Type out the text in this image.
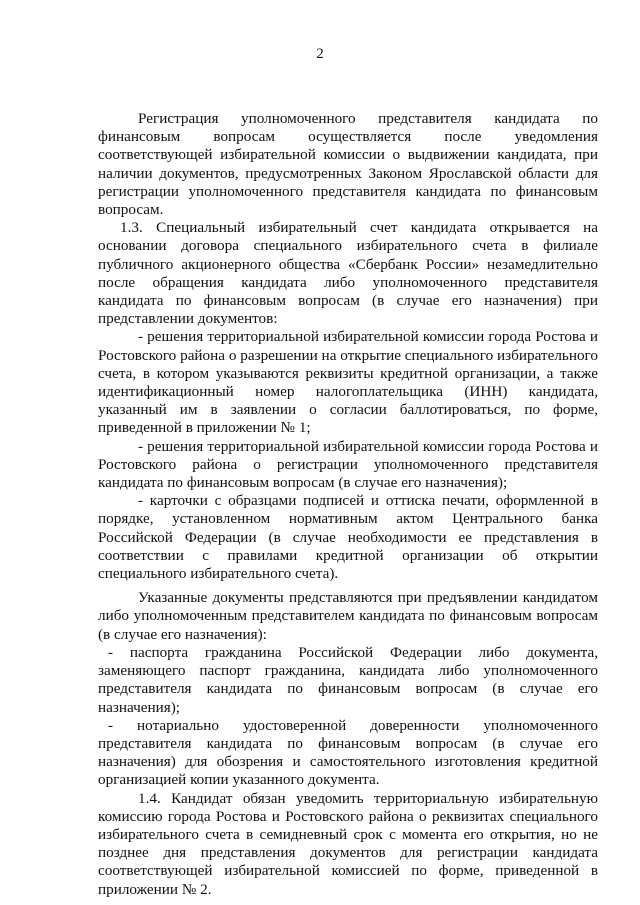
2

Регистрация уполномоченного представителя кандидата по финансовым вопросам осуществляется после уведомления соответствующей избирательной комиссии о выдвижении кандидата, при наличии документов, предусмотренных Законом Ярославской области для регистрации уполномоченного представителя кандидата по финансовым вопросам.

1.3. Специальный избирательный счет кандидата открывается на основании договора специального избирательного счета в филиале публичного акционерного общества «Сбербанк России» незамедлительно после обращения кандидата либо уполномоченного представителя кандидата по финансовым вопросам (в случае его назначения) при представлении документов:

- решения территориальной избирательной комиссии города Ростова и Ростовского района о разрешении на открытие специального избирательного счета, в котором указываются реквизиты кредитной организации, а также идентификационный номер налогоплательщика (ИНН) кандидата, указанный им в заявлении о согласии баллотироваться, по форме, приведенной в приложении № 1;

- решения территориальной избирательной комиссии города Ростова и Ростовского района о регистрации уполномоченного представителя кандидата по финансовым вопросам (в случае его назначения);

- карточки с образцами подписей и оттиска печати, оформленной в порядке, установленном нормативным актом Центрального банка Российской Федерации (в случае необходимости ее представления в соответствии с правилами кредитной организации об открытии специального избирательного счета).

Указанные документы представляются при предъявлении кандидатом либо уполномоченным представителем кандидата по финансовым вопросам (в случае его назначения):

- паспорта гражданина Российской Федерации либо документа, заменяющего паспорт гражданина, кандидата либо уполномоченного представителя кандидата по финансовым вопросам (в случае его назначения);

- нотариально удостоверенной доверенности уполномоченного представителя кандидата по финансовым вопросам (в случае его назначения) для обозрения и самостоятельного изготовления кредитной организацией копии указанного документа.

1.4. Кандидат обязан уведомить территориальную избирательную комиссию города Ростова и Ростовского района о реквизитах специального избирательного счета в семидневный срок с момента его открытия, но не позднее дня представления документов для регистрации кандидата соответствующей избирательной комиссией по форме, приведенной в приложении № 2.
